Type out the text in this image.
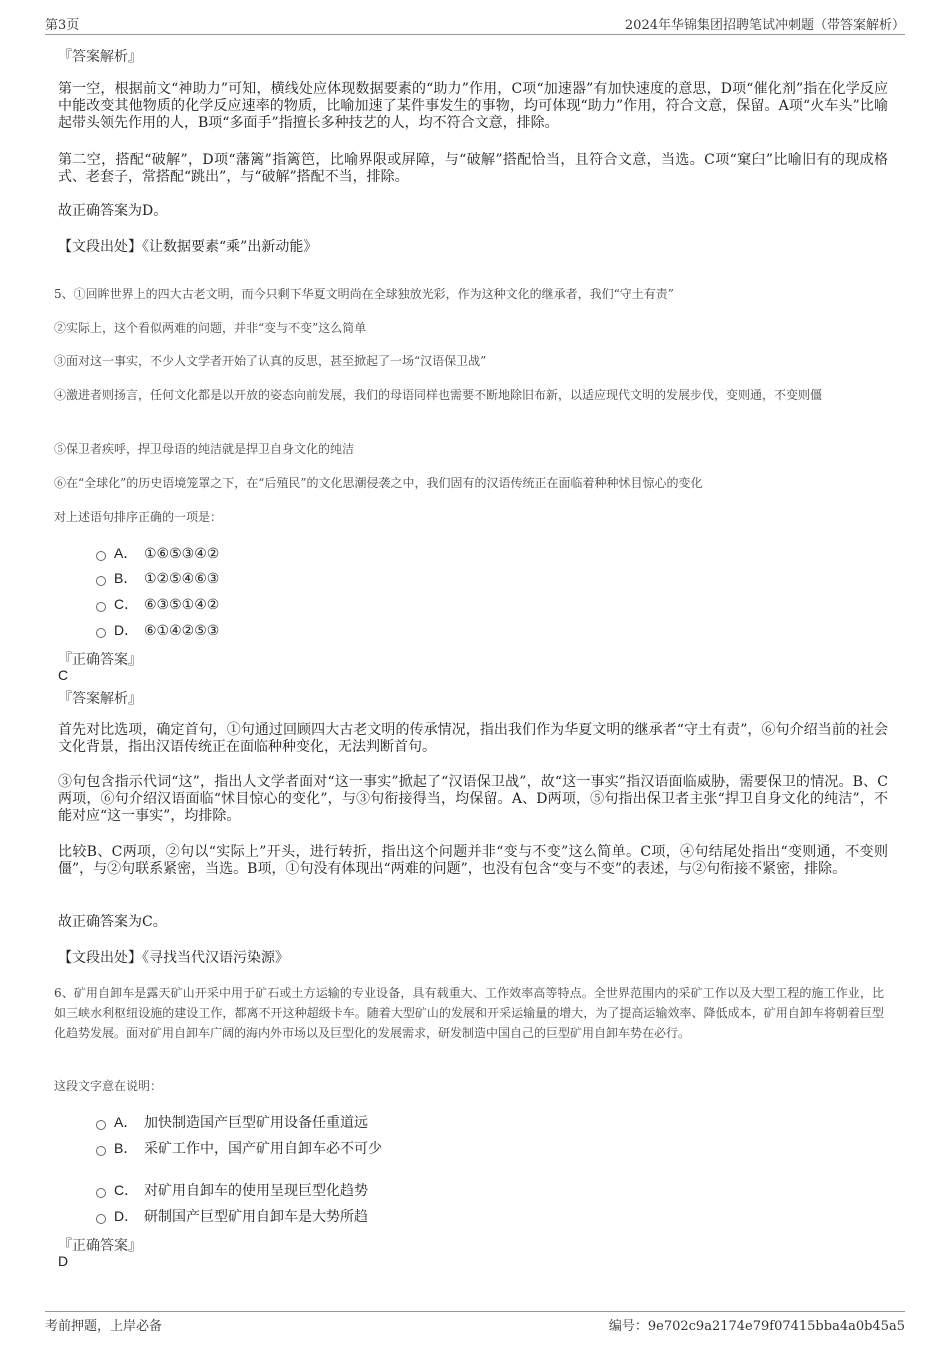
第3页	2024年华锦集团招聘笔试冲刺题（带答案解析）
『答案解析』
第一空，根据前文“神助力”可知，横线处应体现数据要素的“助力”作用，C项“加速器”有加快速度的意思，D项“催化剂”指在化学反应中能改变其他物质的化学反应速率的物质，比喻加速了某件事发生的事物，均可体现“助力”作用，符合文意，保留。A项“火车头”比喻起带头领先作用的人，B项“多面手”指擅长多种技艺的人，均不符合文意，排除。
第二空，搭配“破解”，D项“藩篱”指篱笆，比喻界限或屏障，与“破解”搭配恰当，且符合文意，当选。C项“窠臼”比喻旧有的现成格式、老套子，常搭配“跳出”，与“破解”搭配不当，排除。
故正确答案为D。
【文段出处】《让数据要素“乘”出新动能》
5、①回眸世界上的四大古老文明，而今只剩下华夏文明尚在全球独放光彩，作为这种文化的继承者，我们“守土有责”
②实际上，这个看似两难的问题，并非“变与不变”这么简单
③面对这一事实，不少人文学者开始了认真的反思，甚至掀起了一场“汉语保卫战”
④激进者则扬言，任何文化都是以开放的姿态向前发展，我们的母语同样也需要不断地除旧布新，以适应现代文明的发展步伐，变则通，不变则僵
⑤保卫者疾呼，捍卫母语的纯洁就是捍卫自身文化的纯洁
⑥在“全球化”的历史语境笼罩之下，在“后殖民”的文化思潮侵袭之中，我们固有的汉语传统正在面临着种种怵目惊心的变化
对上述语句排序正确的一项是：
A． ①⑥⑤③④②
B． ①②⑤④⑥③
C． ⑥③⑤①④②
D． ⑥①④②⑤③
『正确答案』
C
『答案解析』
首先对比选项，确定首句，①句通过回顾四大古老文明的传承情况，指出我们作为华夏文明的继承者“守土有责”，⑥句介绍当前的社会文化背景，指出汉语传统正在面临种种变化，无法判断首句。
③句包含指示代词“这”，指出人文学者面对“这一事实”掀起了“汉语保卫战”，故“这一事实”指汉语面临威胁，需要保卫的情况。B、C两项，⑥句介绍汉语面临“怵目惊心的变化”，与③句衔接得当，均保留。A、D两项，⑤句指出保卫者主张“捍卫自身文化的纯洁”，不能对应“这一事实”，均排除。
比较B、C两项，②句以“实际上”开头，进行转折，指出这个问题并非“变与不变”这么简单。C项，④句结尾处指出“变则通，不变则僵”，与②句联系紧密，当选。B项，①句没有体现出“两难的问题”，也没有包含“变与不变”的表述，与②句衔接不紧密，排除。
故正确答案为C。
【文段出处】《寻找当代汉语污染源》
6、矿用自卸车是露天矿山开采中用于矿石或土方运输的专业设备，具有载重大、工作效率高等特点。全世界范围内的采矿工作以及大型工程的施工作业，比如三峡水利枢纽设施的建设工作，都离不开这种超级卡车。随着大型矿山的发展和开采运输量的增大，为了提高运输效率、降低成本，矿用自卸车将朝着巨型化趋势发展。面对矿用自卸车广阔的海内外市场以及巨型化的发展需求，研发制造中国自己的巨型矿用自卸车势在必行。
这段文字意在说明：
A． 加快制造国产巨型矿用设备任重道远
B． 采矿工作中，国产矿用自卸车必不可少
C． 对矿用自卸车的使用呈现巨型化趋势
D． 研制国产巨型矿用自卸车是大势所趋
『正确答案』
D
考前押题，上岸必备	编号：9e702c9a2174e79f07415bba4a0b45a5
